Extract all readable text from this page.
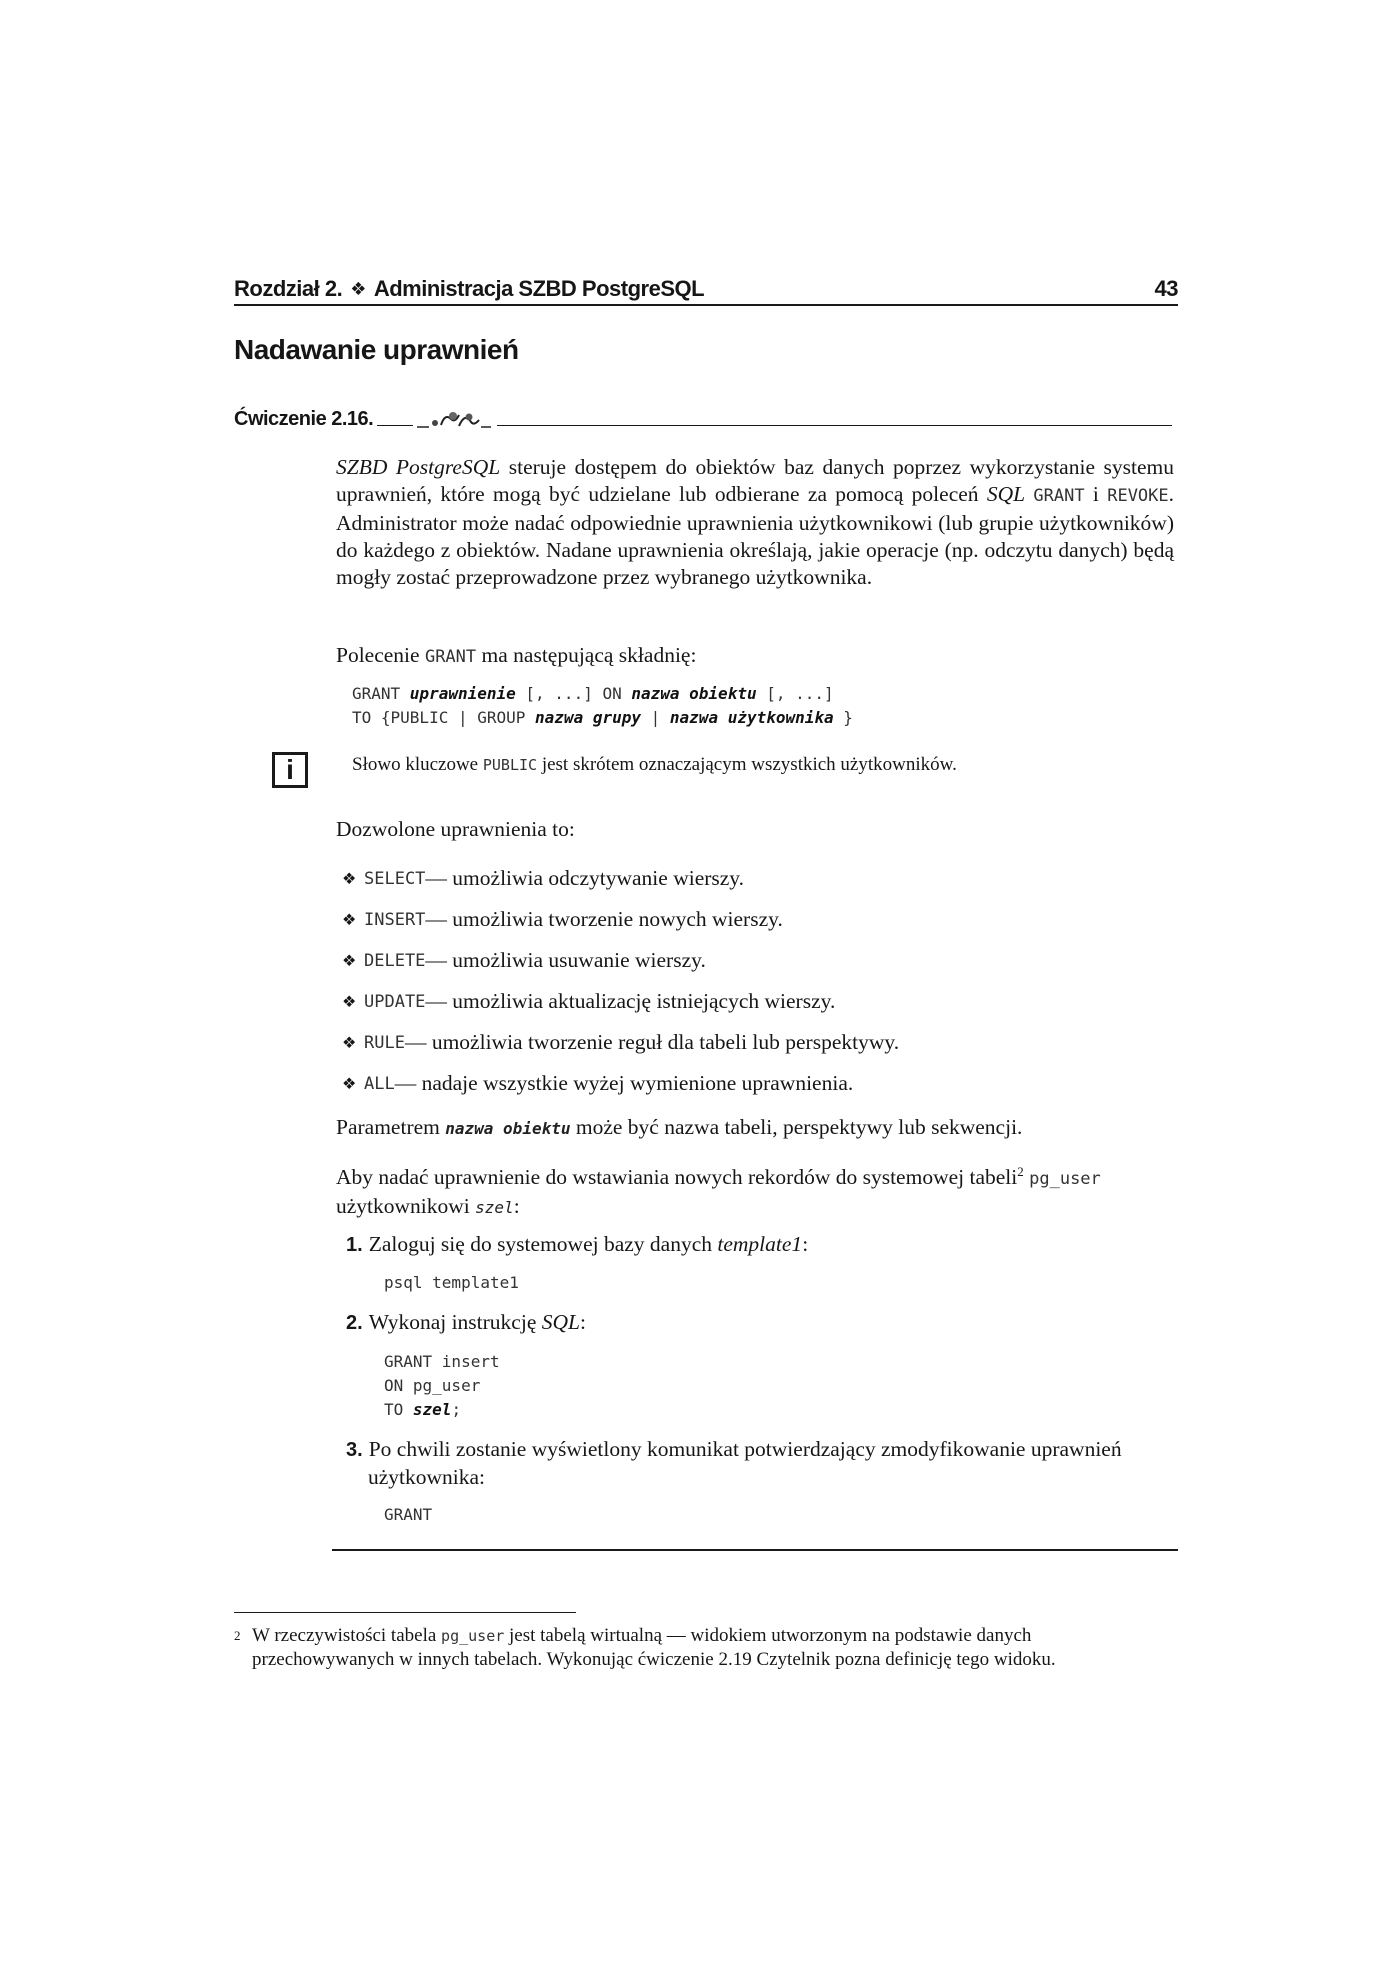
Rozdział 2. ❖ Administracja SZBD PostgreSQL	43
Nadawanie uprawnień
Ćwiczenie 2.16.

SZBD PostgreSQL steruje dostępem do obiektów baz danych poprzez wykorzystanie systemu uprawnień, które mogą być udzielane lub odbierane za pomocą poleceń SQL GRANT i REVOKE. Administrator może nadać odpowiednie uprawnienia użytkownikowi (lub grupie użytkowników) do każdego z obiektów. Nadane uprawnienia określają, jakie operacje (np. odczytu danych) będą mogły zostać przeprowadzone przez wybranego użytkownika.

Polecenie GRANT ma następującą składnię:

GRANT uprawnienie [, ...] ON nazwa obiektu [, ...]
TO {PUBLIC | GROUP nazwa grupy | nazwa użytkownika }
i	Słowo kluczowe PUBLIC jest skrótem oznaczającym wszystkich użytkowników.

Dozwolone uprawnienia to:

❖ SELECT — umożliwia odczytywanie wierszy.
❖ INSERT — umożliwia tworzenie nowych wierszy.
❖ DELETE — umożliwia usuwanie wierszy.
❖ UPDATE — umożliwia aktualizację istniejących wierszy.
❖ RULE — umożliwia tworzenie reguł dla tabeli lub perspektywy.
❖ ALL — nadaje wszystkie wyżej wymienione uprawnienia.

Parametrem nazwa obiektu może być nazwa tabeli, perspektywy lub sekwencji.

Aby nadać uprawnienie do wstawiania nowych rekordów do systemowej tabeli$^2$ pg_user
użytkownikowi szel:

1. Zaloguj się do systemowej bazy danych template1:
psql template1
2. Wykonaj instrukcję SQL:
GRANT insert
ON pg_user
TO szel;
3. Po chwili zostanie wyświetlony komunikat potwierdzający zmodyfikowanie uprawnień użytkownika:
GRANT

2 W rzeczywistości tabela pg_user jest tabelą wirtualną — widokiem utworzonym na podstawie danych przechowywanych w innych tabelach. Wykonując ćwiczenie 2.19 Czytelnik pozna definicję tego widoku.
